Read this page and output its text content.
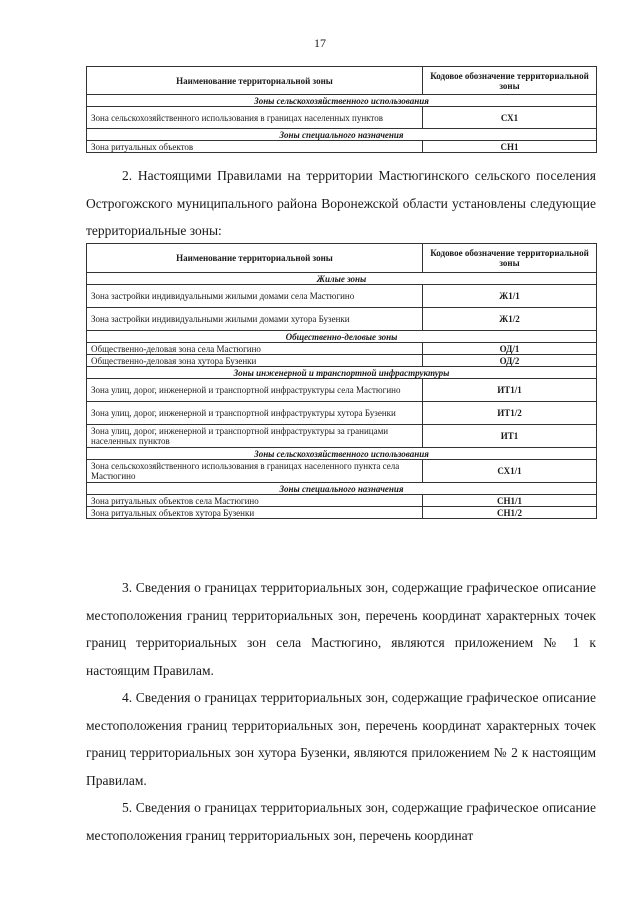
17
Наименование территориальной зоны	Кодовое обозначение территориальной зоны
Зоны сельскохозяйственного использования	
Зона сельскохозяйственного использования в границах населенных пунктов	СХ1
Зоны специального назначения	
Зона ритуальных объектов	СН1

2. Настоящими Правилами на территории Мастюгинского сельского поселения Острогожского муниципального района Воронежской области установлены следующие территориальные зоны:

Наименование территориальной зоны	Кодовое обозначение территориальной зоны
Жилые зоны	
Зона застройки индивидуальными жилыми домами села Мастюгино	Ж1/1
Зона застройки индивидуальными жилыми домами хутора Бузенки	Ж1/2
Общественно-деловые зоны	
Общественно-деловая зона села Мастюгино	ОД/1
Общественно-деловая зона хутора Бузенки	ОД/2
Зоны инженерной и транспортной инфраструктуры	
Зона улиц, дорог, инженерной и транспортной инфраструктуры села Мастюгино	ИТ1/1
Зона улиц, дорог, инженерной и транспортной инфраструктуры хутора Бузенки	ИТ1/2
Зона улиц, дорог, инженерной и транспортной инфраструктуры за границами населенных пунктов	ИТ1
Зоны сельскохозяйственного использования	
Зона сельскохозяйственного использования в границах населенного пункта села Мастюгино	СХ1/1
Зоны специального назначения	
Зона ритуальных объектов села Мастюгино	СН1/1
Зона ритуальных объектов хутора Бузенки	СН1/2

3. Сведения о границах территориальных зон, содержащие графическое описание местоположения границ территориальных зон, перечень координат характерных точек границ территориальных зон села Мастюгино, являются приложением № 1 к настоящим Правилам.

4. Сведения о границах территориальных зон, содержащие графическое описание местоположения границ территориальных зон, перечень координат характерных точек границ территориальных зон хутора Бузенки, являются приложением № 2 к настоящим Правилам.

5. Сведения о границах территориальных зон, содержащие графическое описание местоположения границ территориальных зон, перечень координат
